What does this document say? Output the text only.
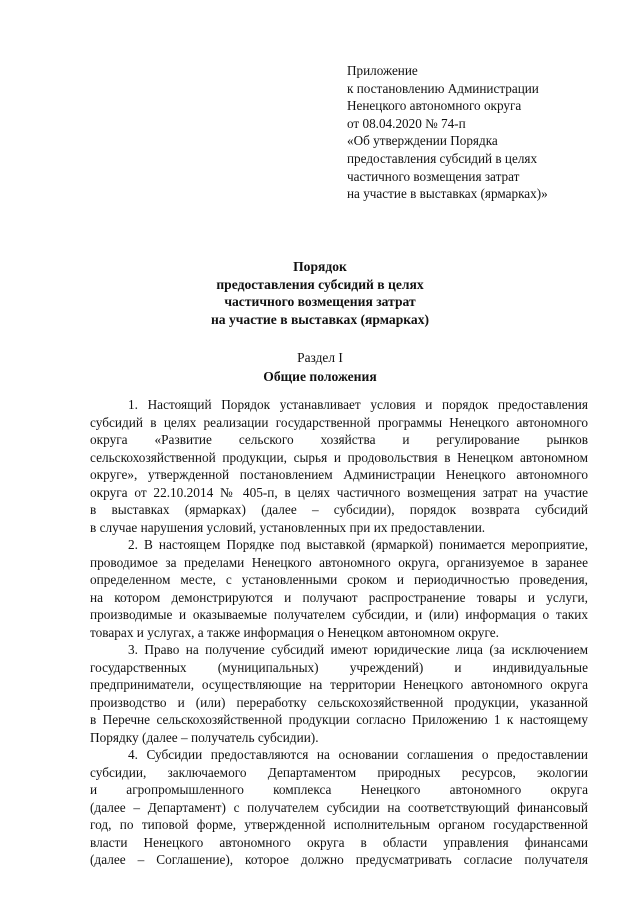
Приложение
к постановлению Администрации
Ненецкого автономного округа
от 08.04.2020 № 74-п
«Об утверждении Порядка
предоставления субсидий в целях
частичного возмещения затрат
на участие в выставках (ярмарках)»
Порядок
предоставления субсидий в целях
частичного возмещения затрат
на участие в выставках (ярмарках)
Раздел I
Общие положения
1. Настоящий Порядок устанавливает условия и порядок предоставления
субсидий в целях реализации государственной программы Ненецкого автономного
округа «Развитие сельского хозяйства и регулирование рынков
сельскохозяйственной продукции, сырья и продовольствия в Ненецком автономном
округе», утвержденной постановлением Администрации Ненецкого автономного
округа от 22.10.2014 № 405-п, в целях частичного возмещения затрат на участие
в выставках (ярмарках) (далее – субсидии), порядок возврата субсидий
в случае нарушения условий, установленных при их предоставлении.
2. В настоящем Порядке под выставкой (ярмаркой) понимается мероприятие,
проводимое за пределами Ненецкого автономного округа, организуемое в заранее
определенном месте, с установленными сроком и периодичностью проведения,
на котором демонстрируются и получают распространение товары и услуги,
производимые и оказываемые получателем субсидии, и (или) информация о таких
товарах и услугах, а также информация о Ненецком автономном округе.
3. Право на получение субсидий имеют юридические лица (за исключением
государственных (муниципальных) учреждений) и индивидуальные
предприниматели, осуществляющие на территории Ненецкого автономного округа
производство и (или) переработку сельскохозяйственной продукции, указанной
в Перечне сельскохозяйственной продукции согласно Приложению 1 к настоящему
Порядку (далее – получатель субсидии).
4. Субсидии предоставляются на основании соглашения о предоставлении
субсидии, заключаемого Департаментом природных ресурсов, экологии
и агропромышленного комплекса Ненецкого автономного округа
(далее – Департамент) с получателем субсидии на соответствующий финансовый
год, по типовой форме, утвержденной исполнительным органом государственной
власти Ненецкого автономного округа в области управления финансами
(далее – Соглашение), которое должно предусматривать согласие получателя
